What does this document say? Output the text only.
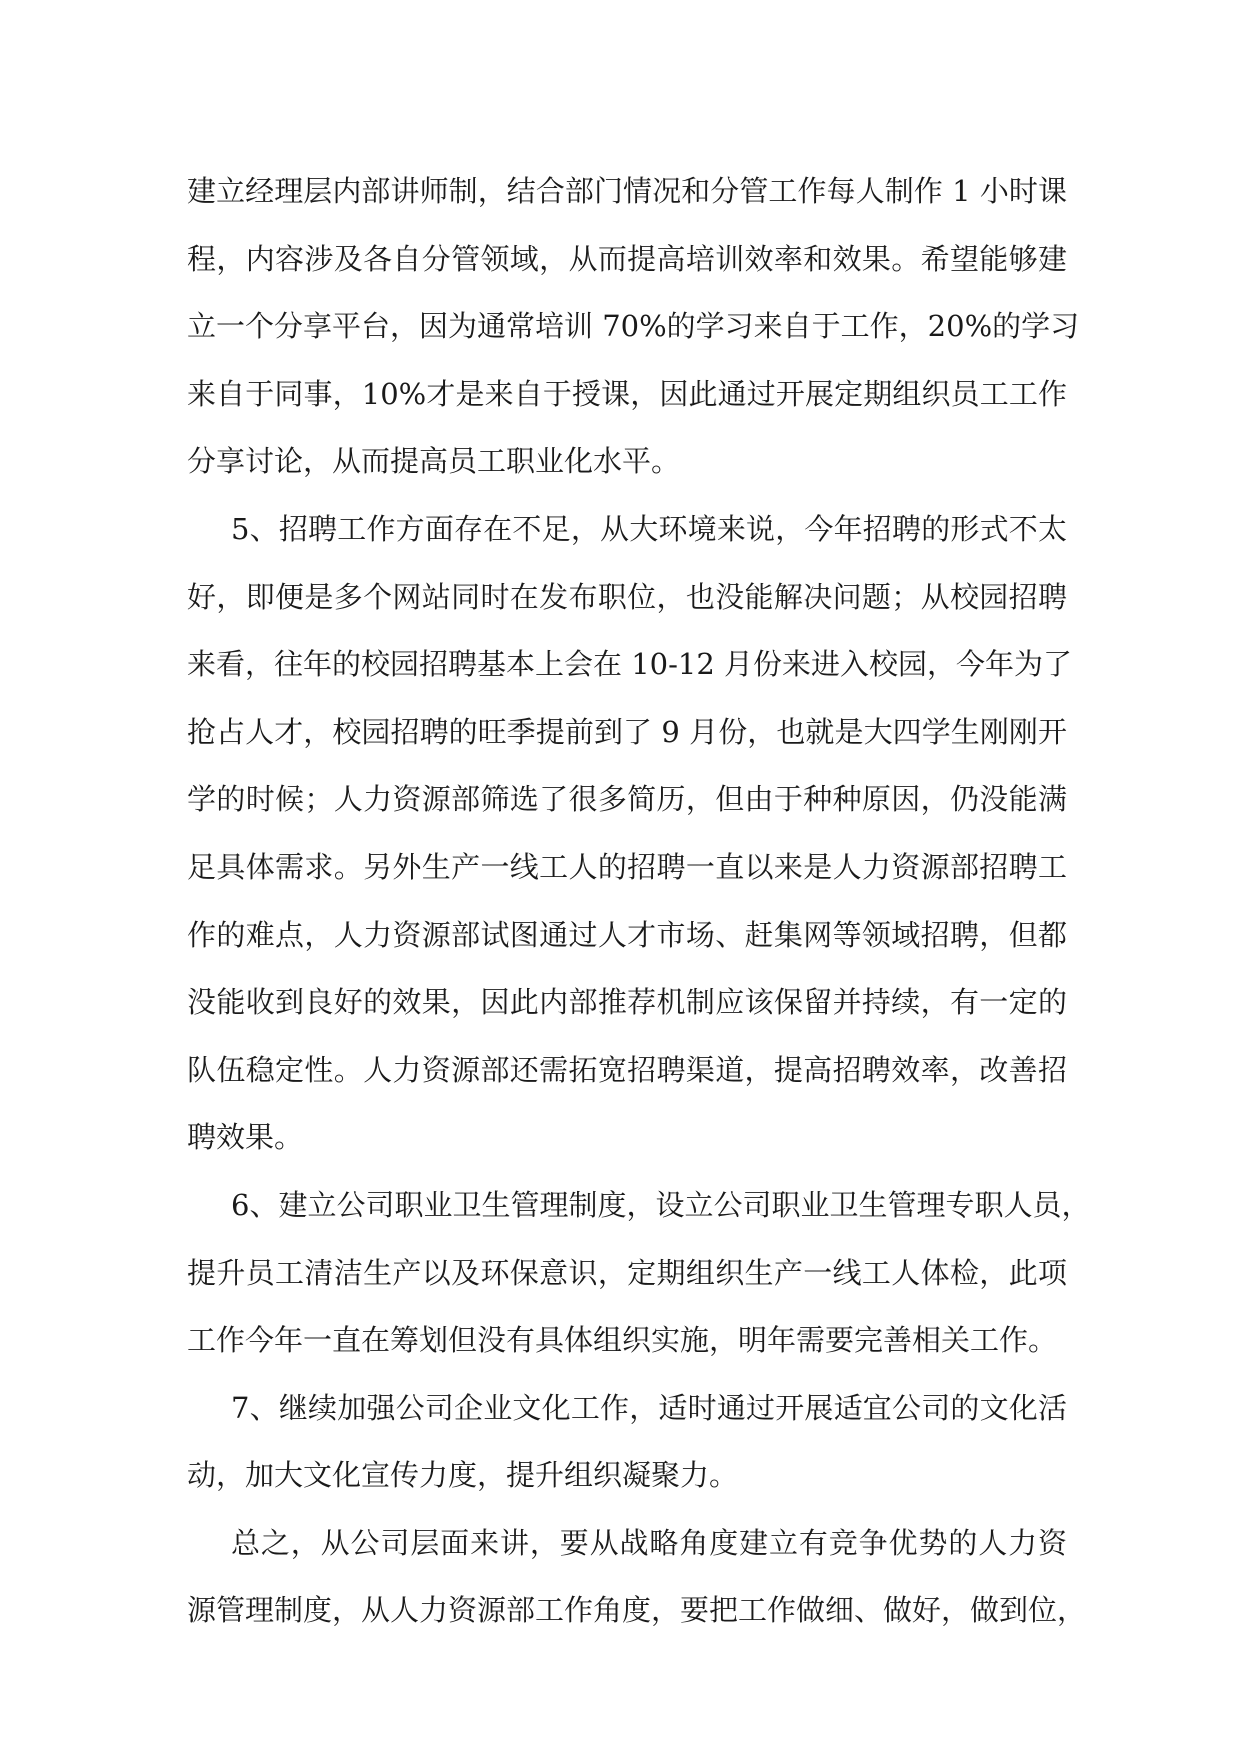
建立经理层内部讲师制，结合部门情况和分管工作每人制作 1 小时课
程，内容涉及各自分管领域，从而提高培训效率和效果。希望能够建
立一个分享平台，因为通常培训 70%的学习来自于工作，20%的学习
来自于同事，10%才是来自于授课，因此通过开展定期组织员工工作
分享讨论，从而提高员工职业化水平。
5、招聘工作方面存在不足，从大环境来说，今年招聘的形式不太
好，即便是多个网站同时在发布职位，也没能解决问题；从校园招聘
来看，往年的校园招聘基本上会在 10-12 月份来进入校园，今年为了
抢占人才，校园招聘的旺季提前到了 9 月份，也就是大四学生刚刚开
学的时候；人力资源部筛选了很多简历，但由于种种原因，仍没能满
足具体需求。另外生产一线工人的招聘一直以来是人力资源部招聘工
作的难点，人力资源部试图通过人才市场、赶集网等领域招聘，但都
没能收到良好的效果，因此内部推荐机制应该保留并持续，有一定的
队伍稳定性。人力资源部还需拓宽招聘渠道，提高招聘效率，改善招
聘效果。
6、建立公司职业卫生管理制度，设立公司职业卫生管理专职人员，
提升员工清洁生产以及环保意识，定期组织生产一线工人体检，此项
工作今年一直在筹划但没有具体组织实施，明年需要完善相关工作。
7、继续加强公司企业文化工作，适时通过开展适宜公司的文化活
动，加大文化宣传力度，提升组织凝聚力。
总之，从公司层面来讲，要从战略角度建立有竞争优势的人力资
源管理制度，从人力资源部工作角度，要把工作做细、做好，做到位，
